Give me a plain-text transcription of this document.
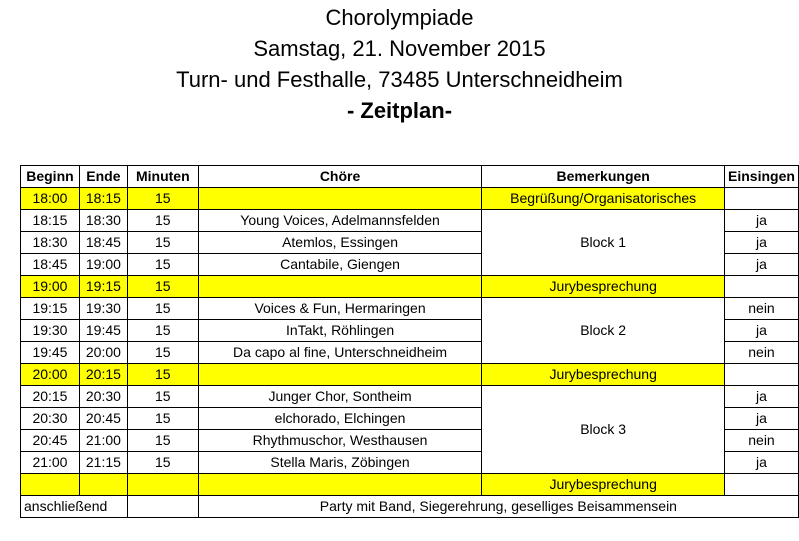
Chorolympiade
Samstag, 21. November 2015
Turn- und Festhalle, 73485 Unterschneidheim
- Zeitplan-
Beginn	Ende	Minuten	Chöre	Bemerkungen	Einsingen
18:00	18:15	15		Begrüßung/Organisatorisches	
18:15	18:30	15	Young Voices, Adelmannsfelden	Block 1	ja
18:30	18:45	15	Atemlos, Essingen		ja
18:45	19:00	15	Cantabile, Giengen		ja
19:00	19:15	15		Jurybesprechung	
19:15	19:30	15	Voices & Fun, Hermaringen	Block 2	nein
19:30	19:45	15	InTakt, Röhlingen		ja
19:45	20:00	15	Da capo al fine, Unterschneidheim		nein
20:00	20:15	15		Jurybesprechung	
20:15	20:30	15	Junger Chor, Sontheim	Block 3	ja
20:30	20:45	15	elchorado, Elchingen		ja
20:45	21:00	15	Rhythmuschor, Westhausen		nein
21:00	21:15	15	Stella Maris, Zöbingen		ja
				Jurybesprechung	
anschließend			Party mit Band, Siegerehrung, geselliges Beisammensein		
